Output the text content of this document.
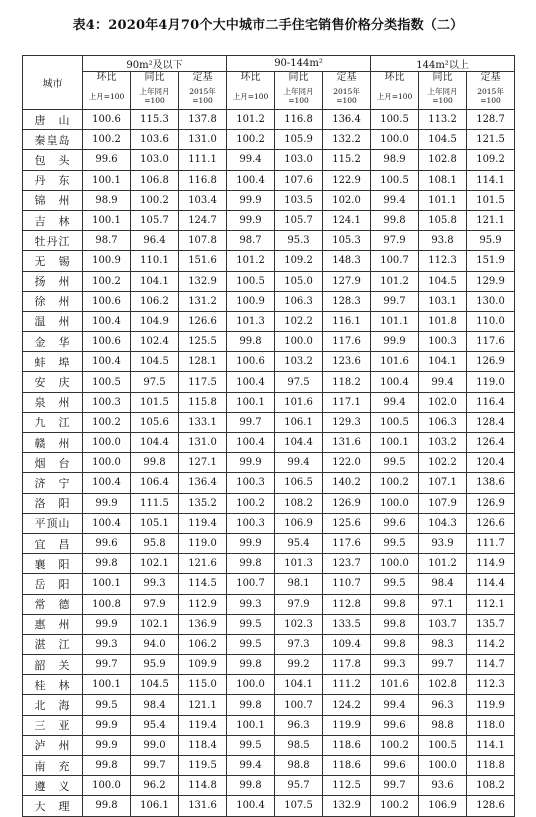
表4：2020年4月70个大中城市二手住宅销售价格分类指数（二）
城市	90m²及以下			90-144m²			144m²以上		
	环比	同比	定基	环比	同比	定基	环比	同比	定基
	上月=100	上年同月=100	2015年=100	上月=100	上年同月=100	2015年=100	上月=100	上年同月=100	2015年=100
唐　山	100.6	115.3	137.8	101.2	116.8	136.4	100.5	113.2	128.7
秦皇岛	100.2	103.6	131.0	100.2	105.9	132.2	100.0	104.5	121.5
包　头	99.6	103.0	111.1	99.4	103.0	115.2	98.9	102.8	109.2
丹　东	100.1	106.8	116.8	100.4	107.6	122.9	100.5	108.1	114.1
锦　州	98.9	100.2	103.4	99.9	103.5	102.0	99.4	101.1	101.5
吉　林	100.1	105.7	124.7	99.9	105.7	124.1	99.8	105.8	121.1
牡丹江	98.7	96.4	107.8	98.7	95.3	105.3	97.9	93.8	95.9
无　锡	100.9	110.1	151.6	101.2	109.2	148.3	100.7	112.3	151.9
扬　州	100.2	104.1	132.9	100.5	105.0	127.9	101.2	104.5	129.9
徐　州	100.6	106.2	131.2	100.9	106.3	128.3	99.7	103.1	130.0
温　州	100.4	104.9	126.6	101.3	102.2	116.1	101.1	101.8	110.0
金　华	100.6	102.4	125.5	99.8	100.0	117.6	99.9	100.3	117.6
蚌　埠	100.4	104.5	128.1	100.6	103.2	123.6	101.6	104.1	126.9
安　庆	100.5	97.5	117.5	100.4	97.5	118.2	100.4	99.4	119.0
泉　州	100.3	101.5	115.8	100.1	101.6	117.1	99.4	102.0	116.4
九　江	100.2	105.6	133.1	99.7	106.1	129.3	100.5	106.3	128.4
赣　州	100.0	104.4	131.0	100.4	104.4	131.6	100.1	103.2	126.4
烟　台	100.0	99.8	127.1	99.9	99.4	122.0	99.5	102.2	120.4
济　宁	100.4	106.4	136.4	100.3	106.5	140.2	100.2	107.1	138.6
洛　阳	99.9	111.5	135.2	100.2	108.2	126.9	100.0	107.9	126.9
平顶山	100.4	105.1	119.4	100.3	106.9	125.6	99.6	104.3	126.6
宜　昌	99.6	95.8	119.0	99.9	95.4	117.6	99.5	93.9	111.7
襄　阳	99.8	102.1	121.6	99.8	101.3	123.7	100.0	101.2	114.9
岳　阳	100.1	99.3	114.5	100.7	98.1	110.7	99.5	98.4	114.4
常　德	100.8	97.9	112.9	99.3	97.9	112.8	99.8	97.1	112.1
惠　州	99.9	102.1	136.9	99.5	102.3	133.5	99.8	103.7	135.7
湛　江	99.3	94.0	106.2	99.5	97.3	109.4	99.8	98.3	114.2
韶　关	99.7	95.9	109.9	99.8	99.2	117.8	99.3	99.7	114.7
桂　林	100.1	104.5	115.0	100.0	104.1	111.2	101.6	102.8	112.3
北　海	99.5	98.4	121.1	99.8	100.7	124.2	99.4	96.3	119.9
三　亚	99.9	95.4	119.4	100.1	96.3	119.9	99.6	98.8	118.0
泸　州	99.9	99.0	118.4	99.5	98.5	118.6	100.2	100.5	114.1
南　充	99.8	99.7	119.5	99.4	98.8	118.6	99.6	100.0	118.8
遵　义	100.0	96.2	114.8	99.8	95.7	112.5	99.7	93.6	108.2
大　理	99.8	106.1	131.6	100.4	107.5	132.9	100.2	106.9	128.6
